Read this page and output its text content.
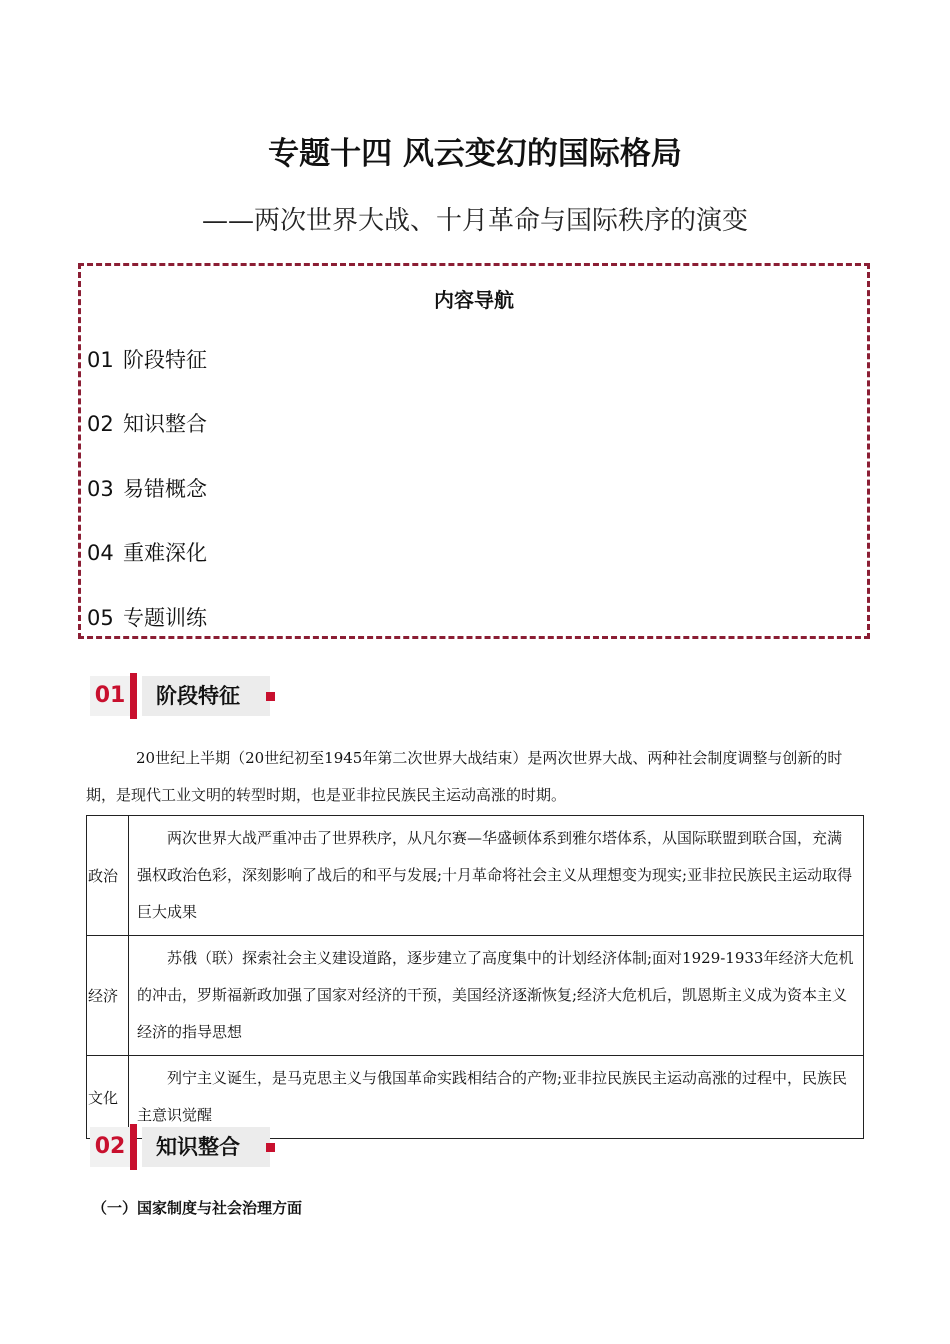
专题十四 风云变幻的国际格局
——两次世界大战、十月革命与国际秩序的演变
内容导航
01 阶段特征
02 知识整合
03 易错概念
04 重难深化
05 专题训练
01	阶段特征
20世纪上半期（20世纪初至1945年第二次世界大战结束）是两次世界大战、两种社会制度调整与创新的时期，是现代工业文明的转型时期，也是亚非拉民族民主运动高涨的时期。
政治	两次世界大战严重冲击了世界秩序，从凡尔赛—华盛顿体系到雅尔塔体系，从国际联盟到联合国，充满强权政治色彩，深刻影响了战后的和平与发展;十月革命将社会主义从理想变为现实;亚非拉民族民主运动取得巨大成果
经济	苏俄（联）探索社会主义建设道路，逐步建立了高度集中的计划经济体制;面对1929-1933年经济大危机的冲击，罗斯福新政加强了国家对经济的干预，美国经济逐渐恢复;经济大危机后，凯恩斯主义成为资本主义经济的指导思想
文化	列宁主义诞生，是马克思主义与俄国革命实践相结合的产物;亚非拉民族民主运动高涨的过程中，民族民主意识觉醒
02	知识整合
（一）国家制度与社会治理方面
